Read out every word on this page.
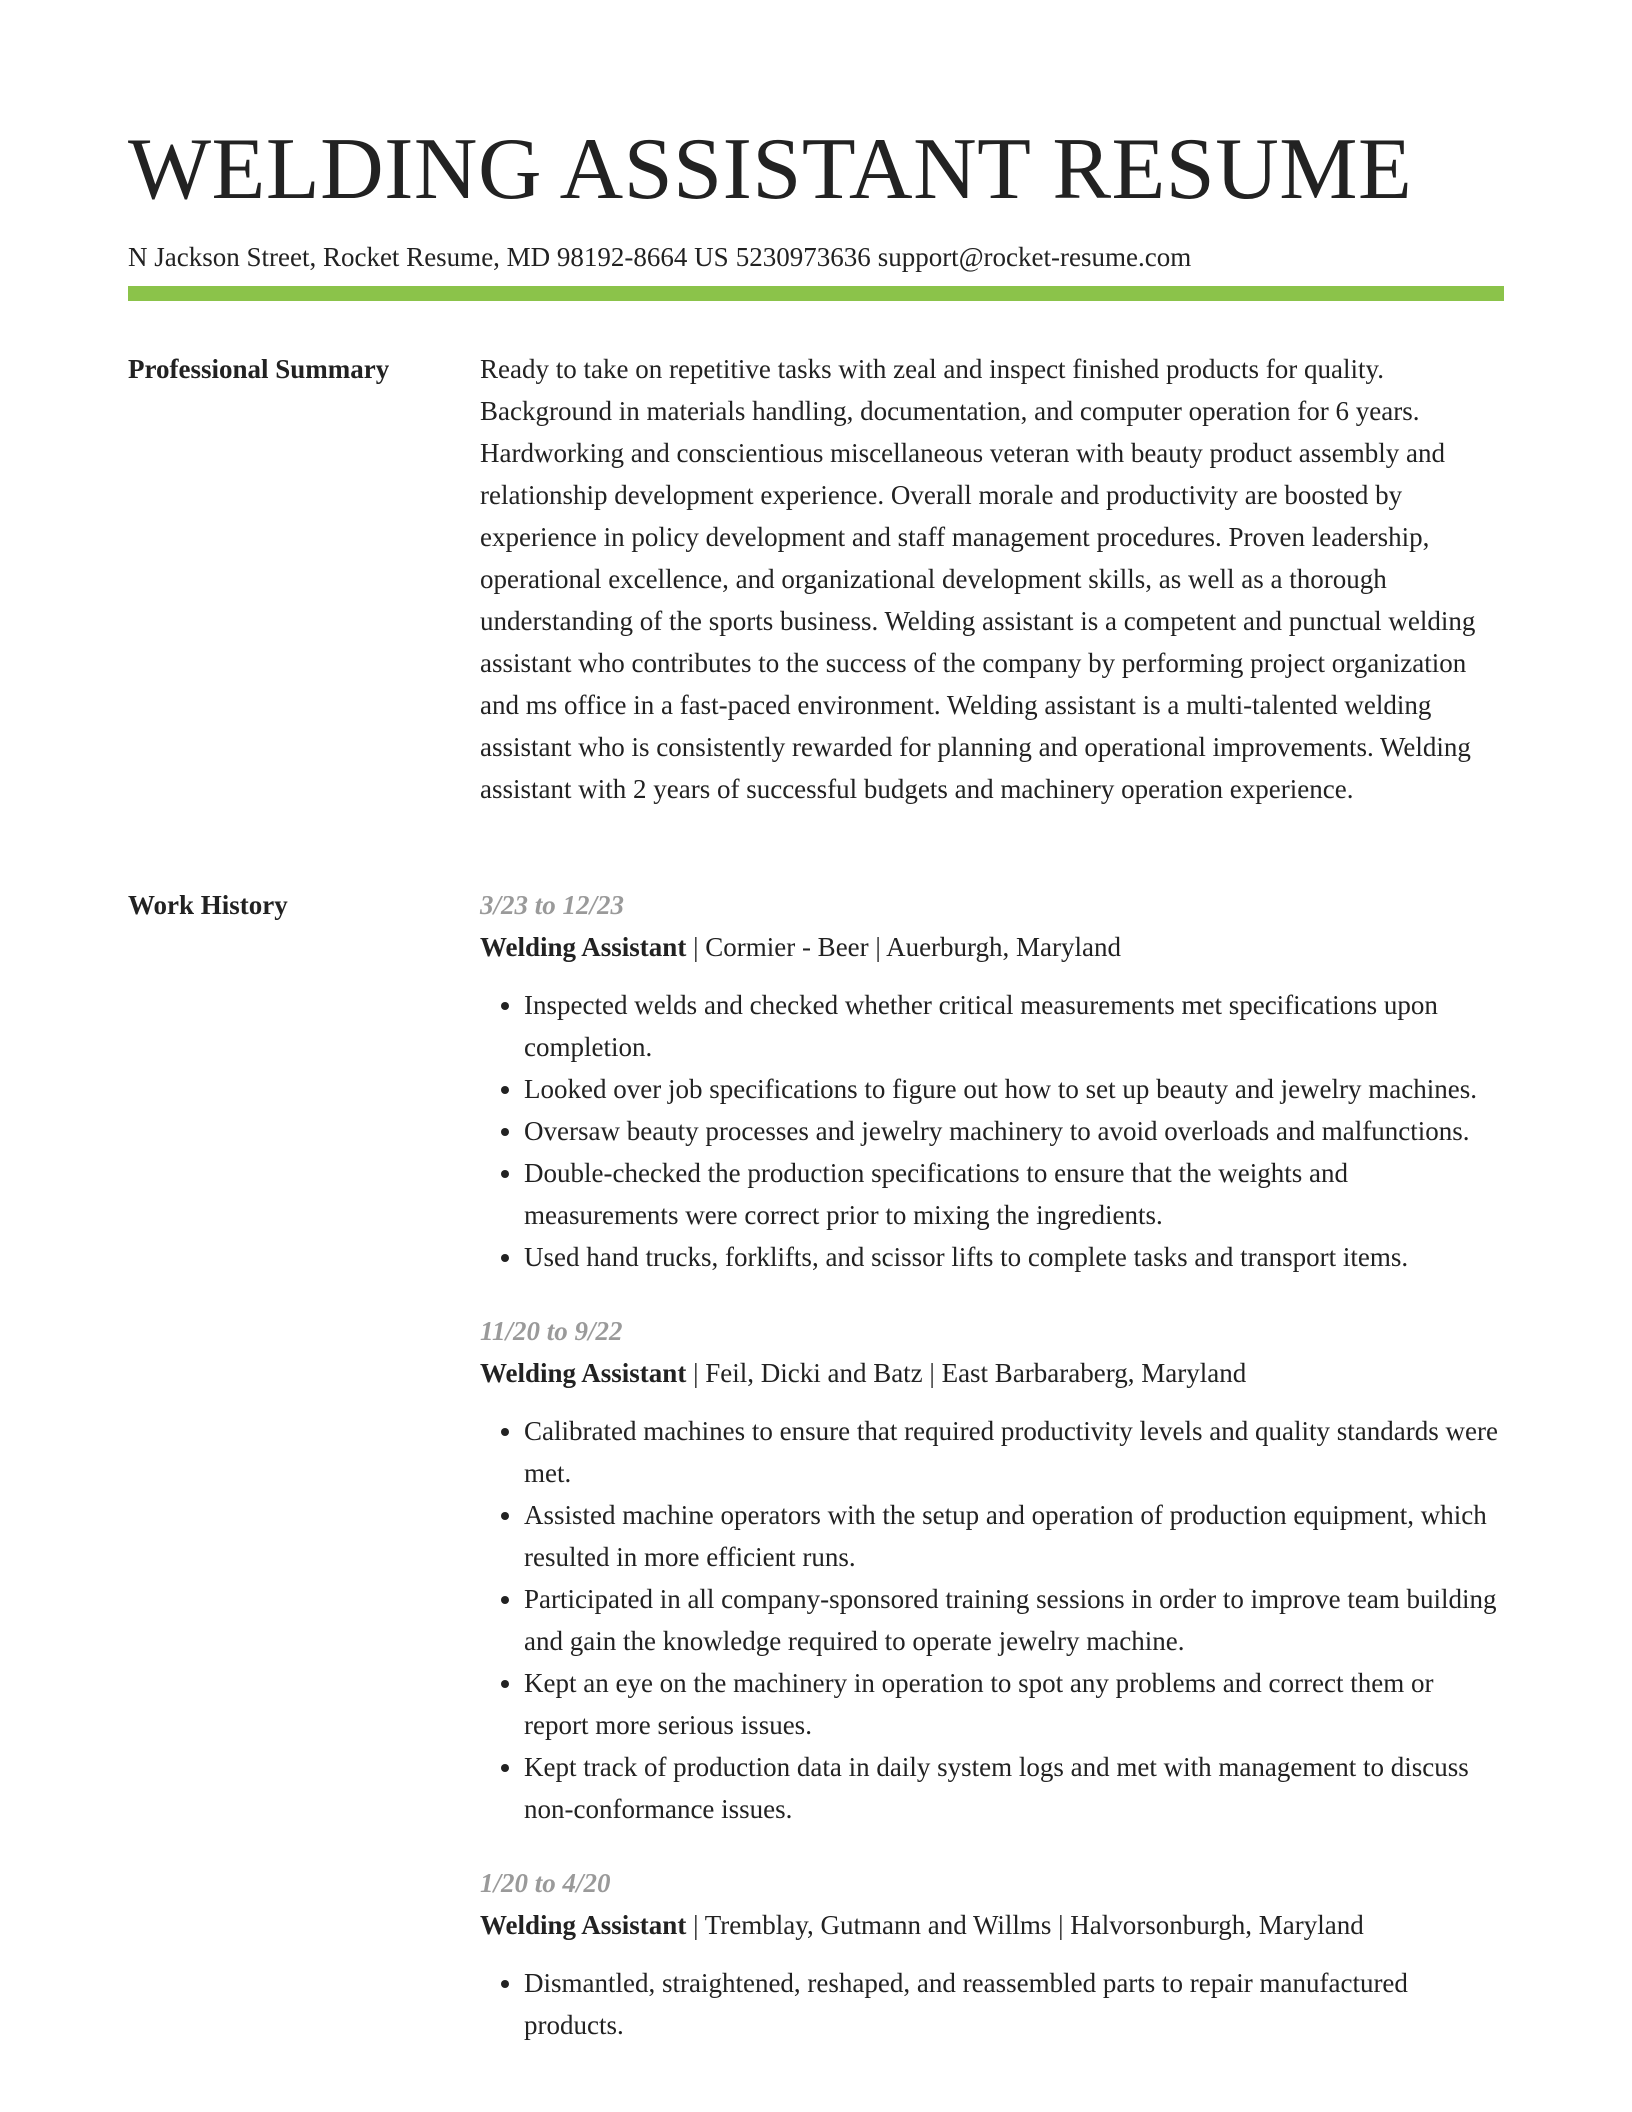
WELDING ASSISTANT RESUME
N Jackson Street, Rocket Resume, MD 98192-8664 US 5230973636 support@rocket-resume.com
Professional Summary	Ready to take on repetitive tasks with zeal and inspect finished products for quality. Background in materials handling, documentation, and computer operation for 6 years. Hardworking and conscientious miscellaneous veteran with beauty product assembly and relationship development experience. Overall morale and productivity are boosted by experience in policy development and staff management procedures. Proven leadership, operational excellence, and organizational development skills, as well as a thorough understanding of the sports business. Welding assistant is a competent and punctual welding assistant who contributes to the success of the company by performing project organization and ms office in a fast-paced environment. Welding assistant is a multi-talented welding assistant who is consistently rewarded for planning and operational improvements. Welding assistant with 2 years of successful budgets and machinery operation experience.

Work History	3/23 to 12/23
Welding Assistant | Cormier - Beer | Auerburgh, Maryland
• Inspected welds and checked whether critical measurements met specifications upon completion.
• Looked over job specifications to figure out how to set up beauty and jewelry machines.
• Oversaw beauty processes and jewelry machinery to avoid overloads and malfunctions.
• Double-checked the production specifications to ensure that the weights and measurements were correct prior to mixing the ingredients.
• Used hand trucks, forklifts, and scissor lifts to complete tasks and transport items.
11/20 to 9/22
Welding Assistant | Feil, Dicki and Batz | East Barbaraberg, Maryland
• Calibrated machines to ensure that required productivity levels and quality standards were met.
• Assisted machine operators with the setup and operation of production equipment, which resulted in more efficient runs.
• Participated in all company-sponsored training sessions in order to improve team building and gain the knowledge required to operate jewelry machine.
• Kept an eye on the machinery in operation to spot any problems and correct them or report more serious issues.
• Kept track of production data in daily system logs and met with management to discuss non-conformance issues.
1/20 to 4/20
Welding Assistant | Tremblay, Gutmann and Willms | Halvorsonburgh, Maryland
• Dismantled, straightened, reshaped, and reassembled parts to repair manufactured products.
